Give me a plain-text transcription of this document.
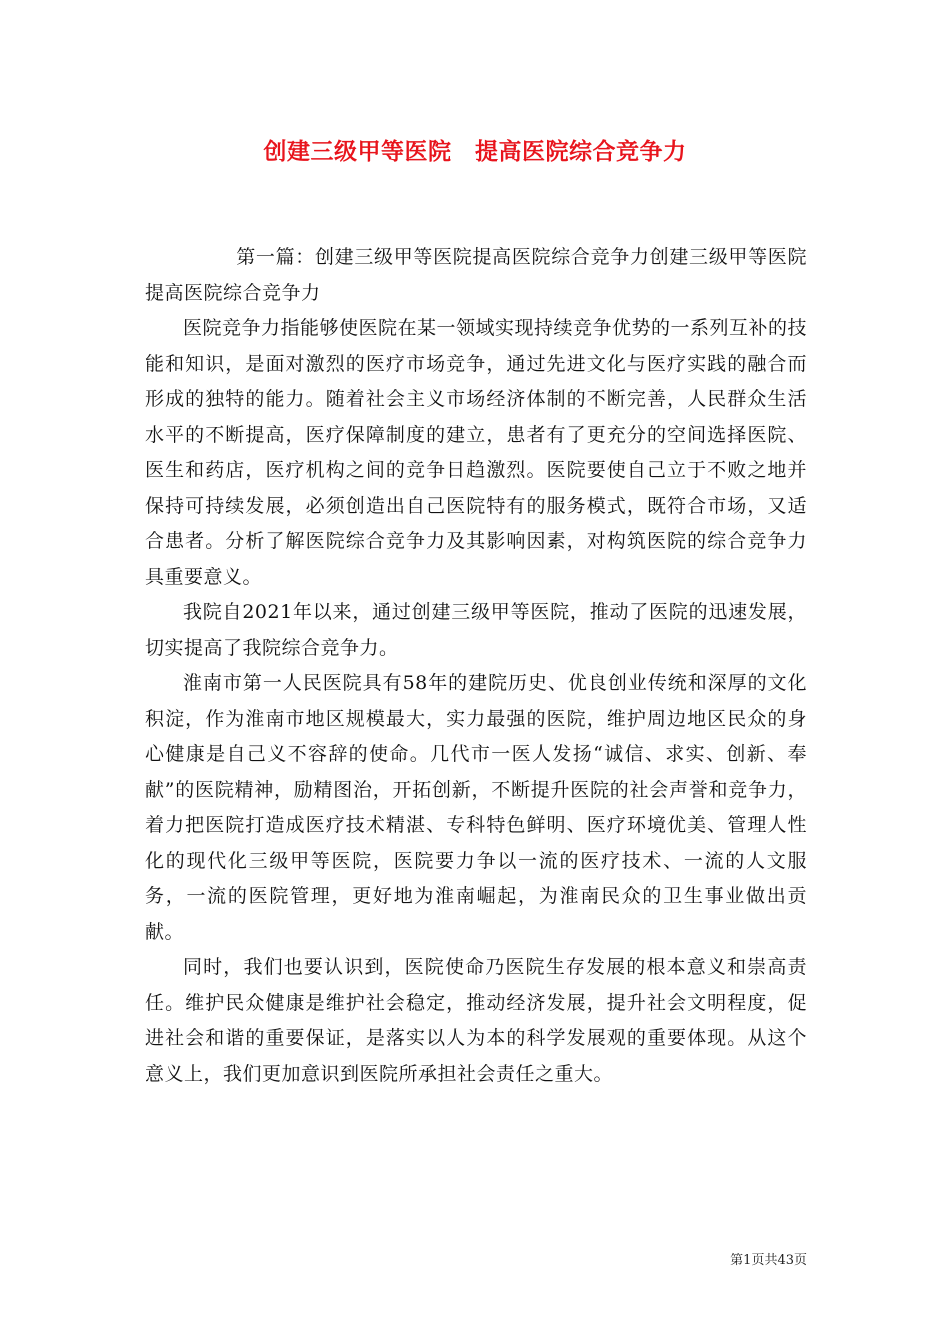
创建三级甲等医院　提高医院综合竞争力

第一篇：创建三级甲等医院提高医院综合竞争力创建三级甲等医院提高医院综合竞争力

医院竞争力指能够使医院在某一领域实现持续竞争优势的一系列互补的技能和知识，是面对激烈的医疗市场竞争，通过先进文化与医疗实践的融合而形成的独特的能力。随着社会主义市场经济体制的不断完善，人民群众生活水平的不断提高，医疗保障制度的建立，患者有了更充分的空间选择医院、医生和药店，医疗机构之间的竞争日趋激烈。医院要使自己立于不败之地并保持可持续发展，必须创造出自己医院特有的服务模式，既符合市场，又适合患者。分析了解医院综合竞争力及其影响因素，对构筑医院的综合竞争力具重要意义。

我院自2021年以来，通过创建三级甲等医院，推动了医院的迅速发展，切实提高了我院综合竞争力。

淮南市第一人民医院具有58年的建院历史、优良创业传统和深厚的文化积淀，作为淮南市地区规模最大，实力最强的医院，维护周边地区民众的身心健康是自己义不容辞的使命。几代市一医人发扬“诚信、求实、创新、奉献”的医院精神，励精图治，开拓创新，不断提升医院的社会声誉和竞争力，着力把医院打造成医疗技术精湛、专科特色鲜明、医疗环境优美、管理人性化的现代化三级甲等医院，医院要力争以一流的医疗技术、一流的人文服务，一流的医院管理，更好地为淮南崛起，为淮南民众的卫生事业做出贡献。

同时，我们也要认识到，医院使命乃医院生存发展的根本意义和崇高责任。维护民众健康是维护社会稳定，推动经济发展，提升社会文明程度，促进社会和谐的重要保证，是落实以人为本的科学发展观的重要体现。从这个意义上，我们更加意识到医院所承担社会责任之重大。

第1页共43页
